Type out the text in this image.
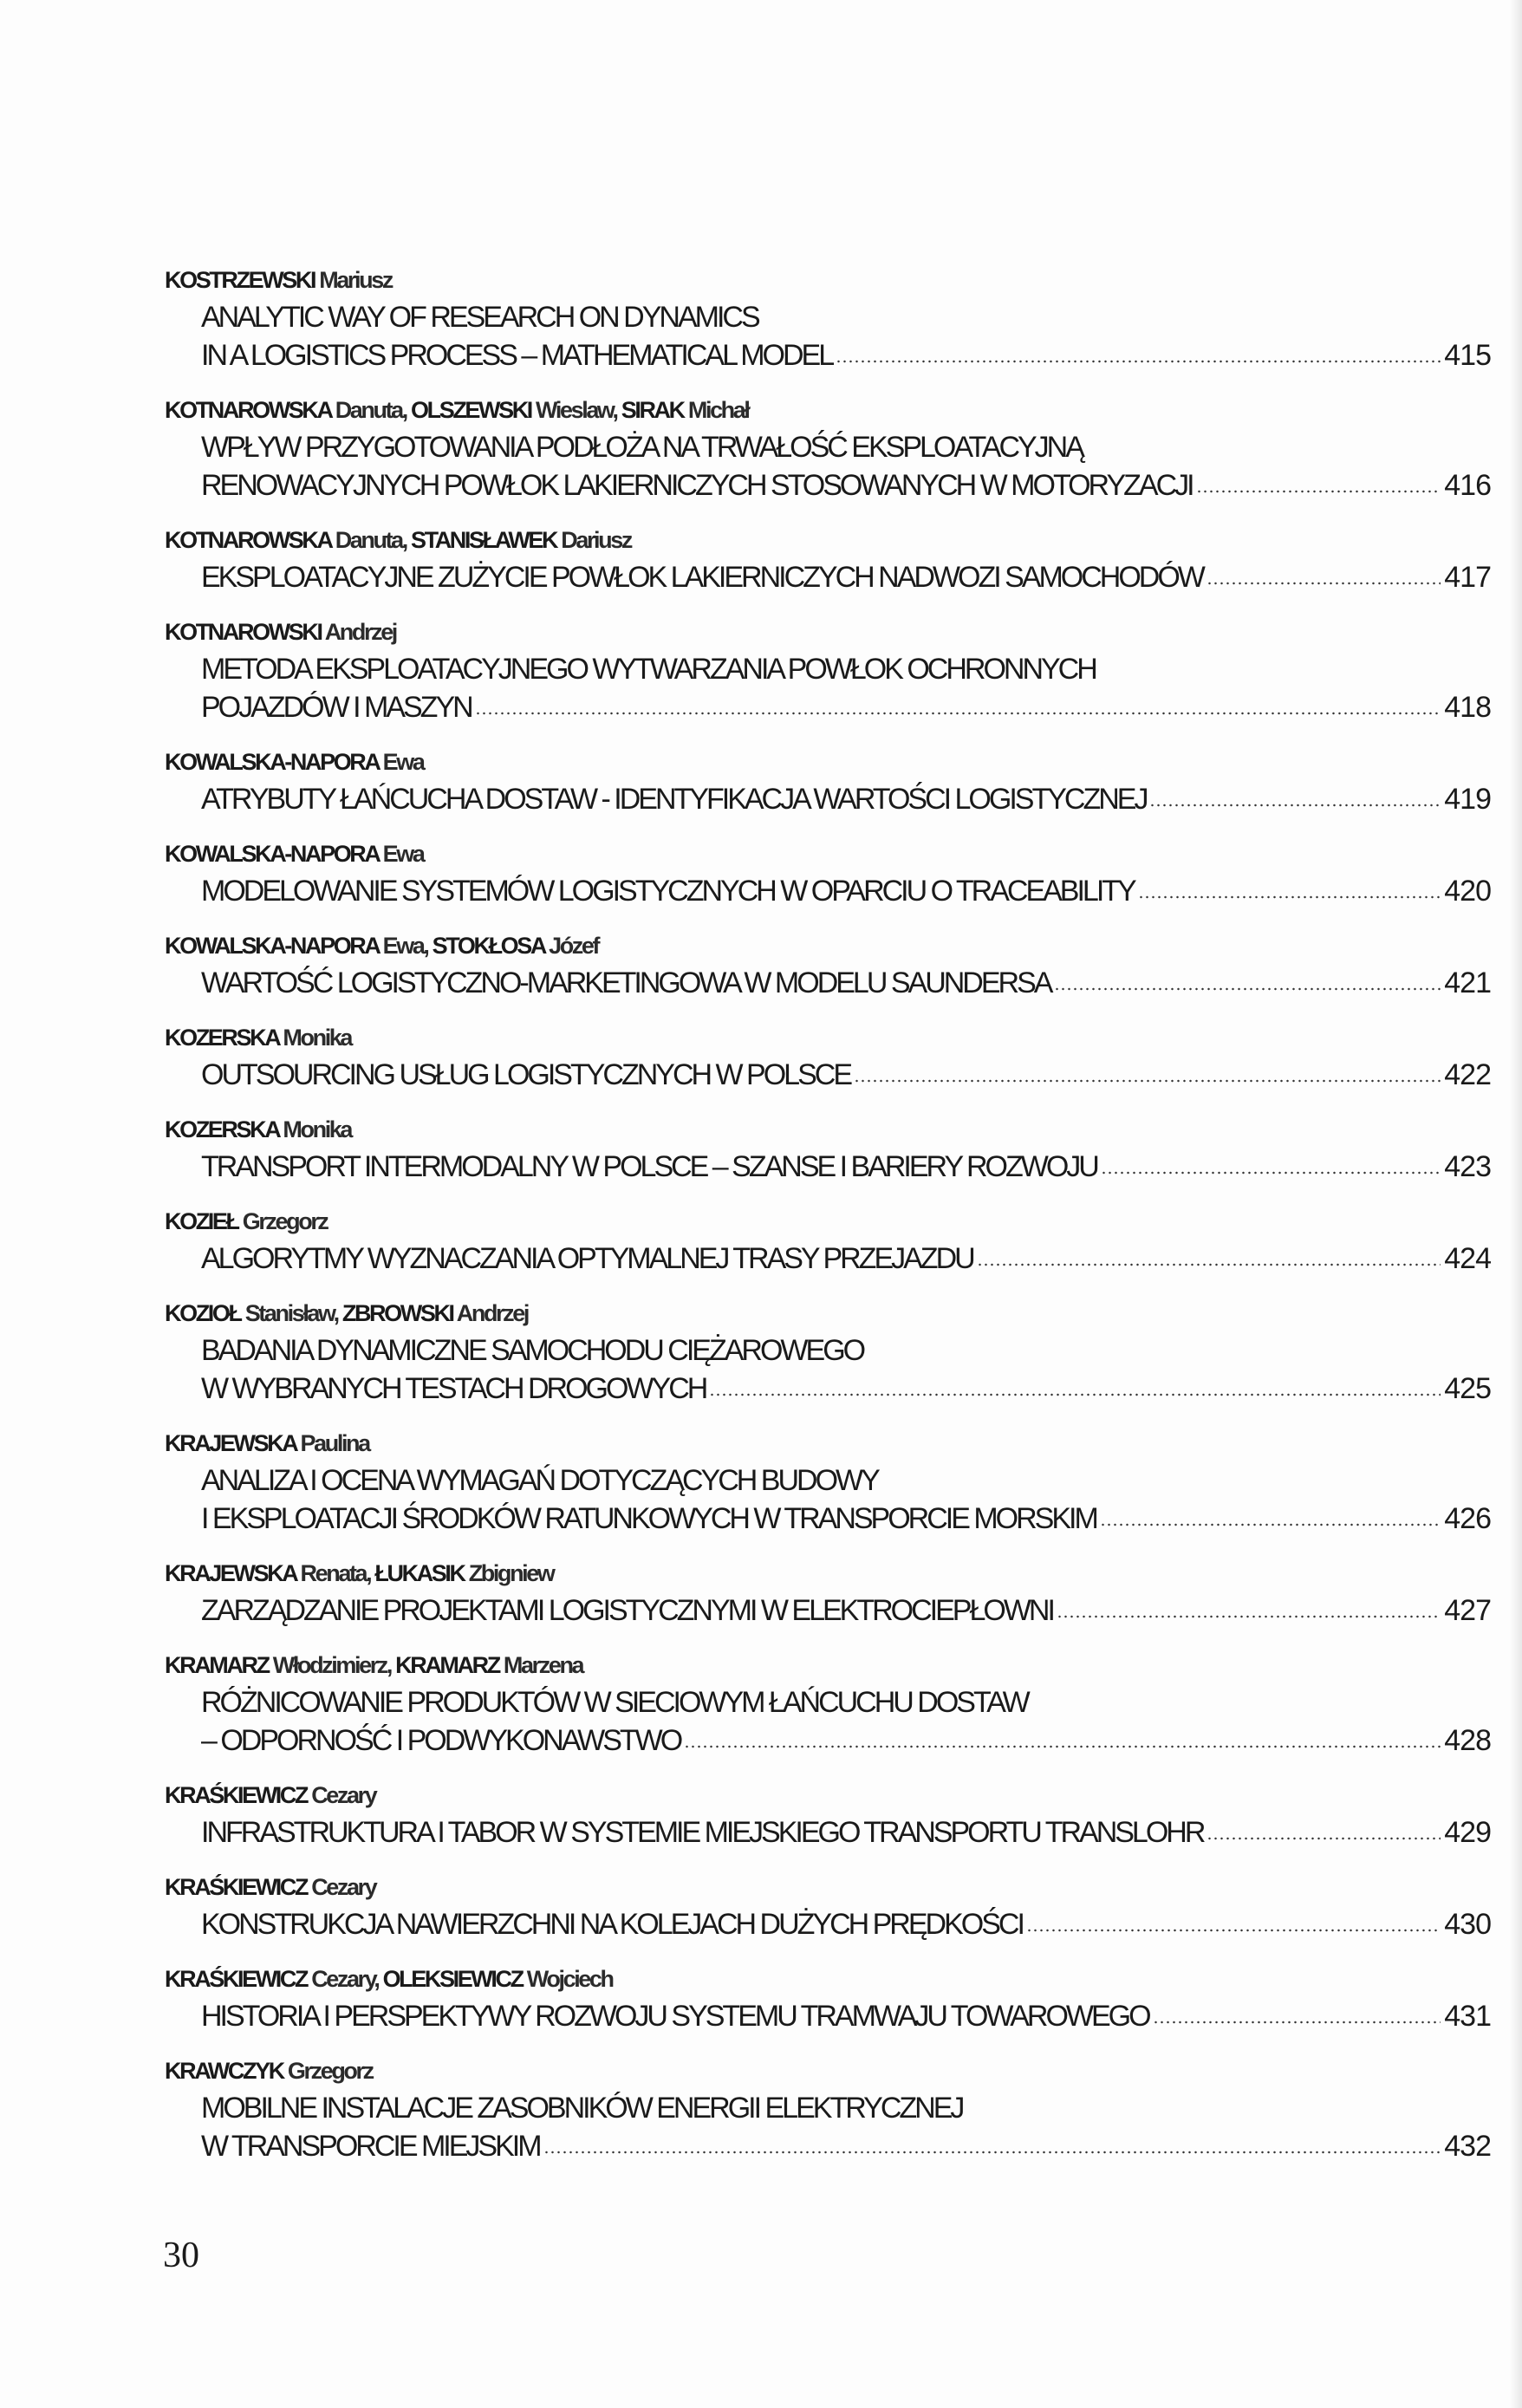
KOSTRZEWSKI Mariusz
ANALYTIC WAY OF RESEARCH ON DYNAMICS
IN A LOGISTICS PROCESS – MATHEMATICAL MODEL	415
KOTNAROWSKA Danuta, OLSZEWSKI Wieslaw, SIRAK Michał
WPŁYW PRZYGOTOWANIA PODŁOŻA NA TRWAŁOŚĆ EKSPLOATACYJNĄ
RENOWACYJNYCH POWŁOK LAKIERNICZYCH STOSOWANYCH W MOTORYZACJI	416
KOTNAROWSKA Danuta, STANISŁAWEK Dariusz
EKSPLOATACYJNE ZUŻYCIE POWŁOK LAKIERNICZYCH NADWOZI SAMOCHODÓW	417
KOTNAROWSKI Andrzej
METODA EKSPLOATACYJNEGO WYTWARZANIA POWŁOK OCHRONNYCH
POJAZDÓW I MASZYN	418
KOWALSKA-NAPORA Ewa
ATRYBUTY ŁAŃCUCHA DOSTAW - IDENTYFIKACJA WARTOŚCI LOGISTYCZNEJ	419
KOWALSKA-NAPORA Ewa
MODELOWANIE SYSTEMÓW LOGISTYCZNYCH W OPARCIU O TRACEABILITY	420
KOWALSKA-NAPORA Ewa, STOKŁOSA Józef
WARTOŚĆ LOGISTYCZNO-MARKETINGOWA W MODELU SAUNDERSA	421
KOZERSKA Monika
OUTSOURCING USŁUG LOGISTYCZNYCH W POLSCE	422
KOZERSKA Monika
TRANSPORT INTERMODALNY W POLSCE – SZANSE I BARIERY ROZWOJU	423
KOZIEŁ Grzegorz
ALGORYTMY WYZNACZANIA OPTYMALNEJ TRASY PRZEJAZDU	424
KOZIOŁ Stanisław, ZBROWSKI Andrzej
BADANIA DYNAMICZNE SAMOCHODU CIĘŻAROWEGO
W WYBRANYCH TESTACH DROGOWYCH	425
KRAJEWSKA Paulina
ANALIZA I OCENA WYMAGAŃ DOTYCZĄCYCH BUDOWY
I EKSPLOATACJI ŚRODKÓW RATUNKOWYCH W TRANSPORCIE MORSKIM	426
KRAJEWSKA Renata, ŁUKASIK Zbigniew
ZARZĄDZANIE PROJEKTAMI LOGISTYCZNYMI W ELEKTROCIEPŁOWNI	427
KRAMARZ Włodzimierz, KRAMARZ Marzena
RÓŻNICOWANIE PRODUKTÓW W SIECIOWYM ŁAŃCUCHU DOSTAW
– ODPORNOŚĆ I PODWYKONAWSTWO	428
KRAŚKIEWICZ Cezary
INFRASTRUKTURA I TABOR W SYSTEMIE MIEJSKIEGO TRANSPORTU TRANSLOHR	429
KRAŚKIEWICZ Cezary
KONSTRUKCJA NAWIERZCHNI NA KOLEJACH DUŻYCH PRĘDKOŚCI	430
KRAŚKIEWICZ Cezary, OLEKSIEWICZ Wojciech
HISTORIA I PERSPEKTYWY ROZWOJU SYSTEMU TRAMWAJU TOWAROWEGO	431
KRAWCZYK Grzegorz
MOBILNE INSTALACJE ZASOBNIKÓW ENERGII ELEKTRYCZNEJ
W TRANSPORCIE MIEJSKIM	432
30
